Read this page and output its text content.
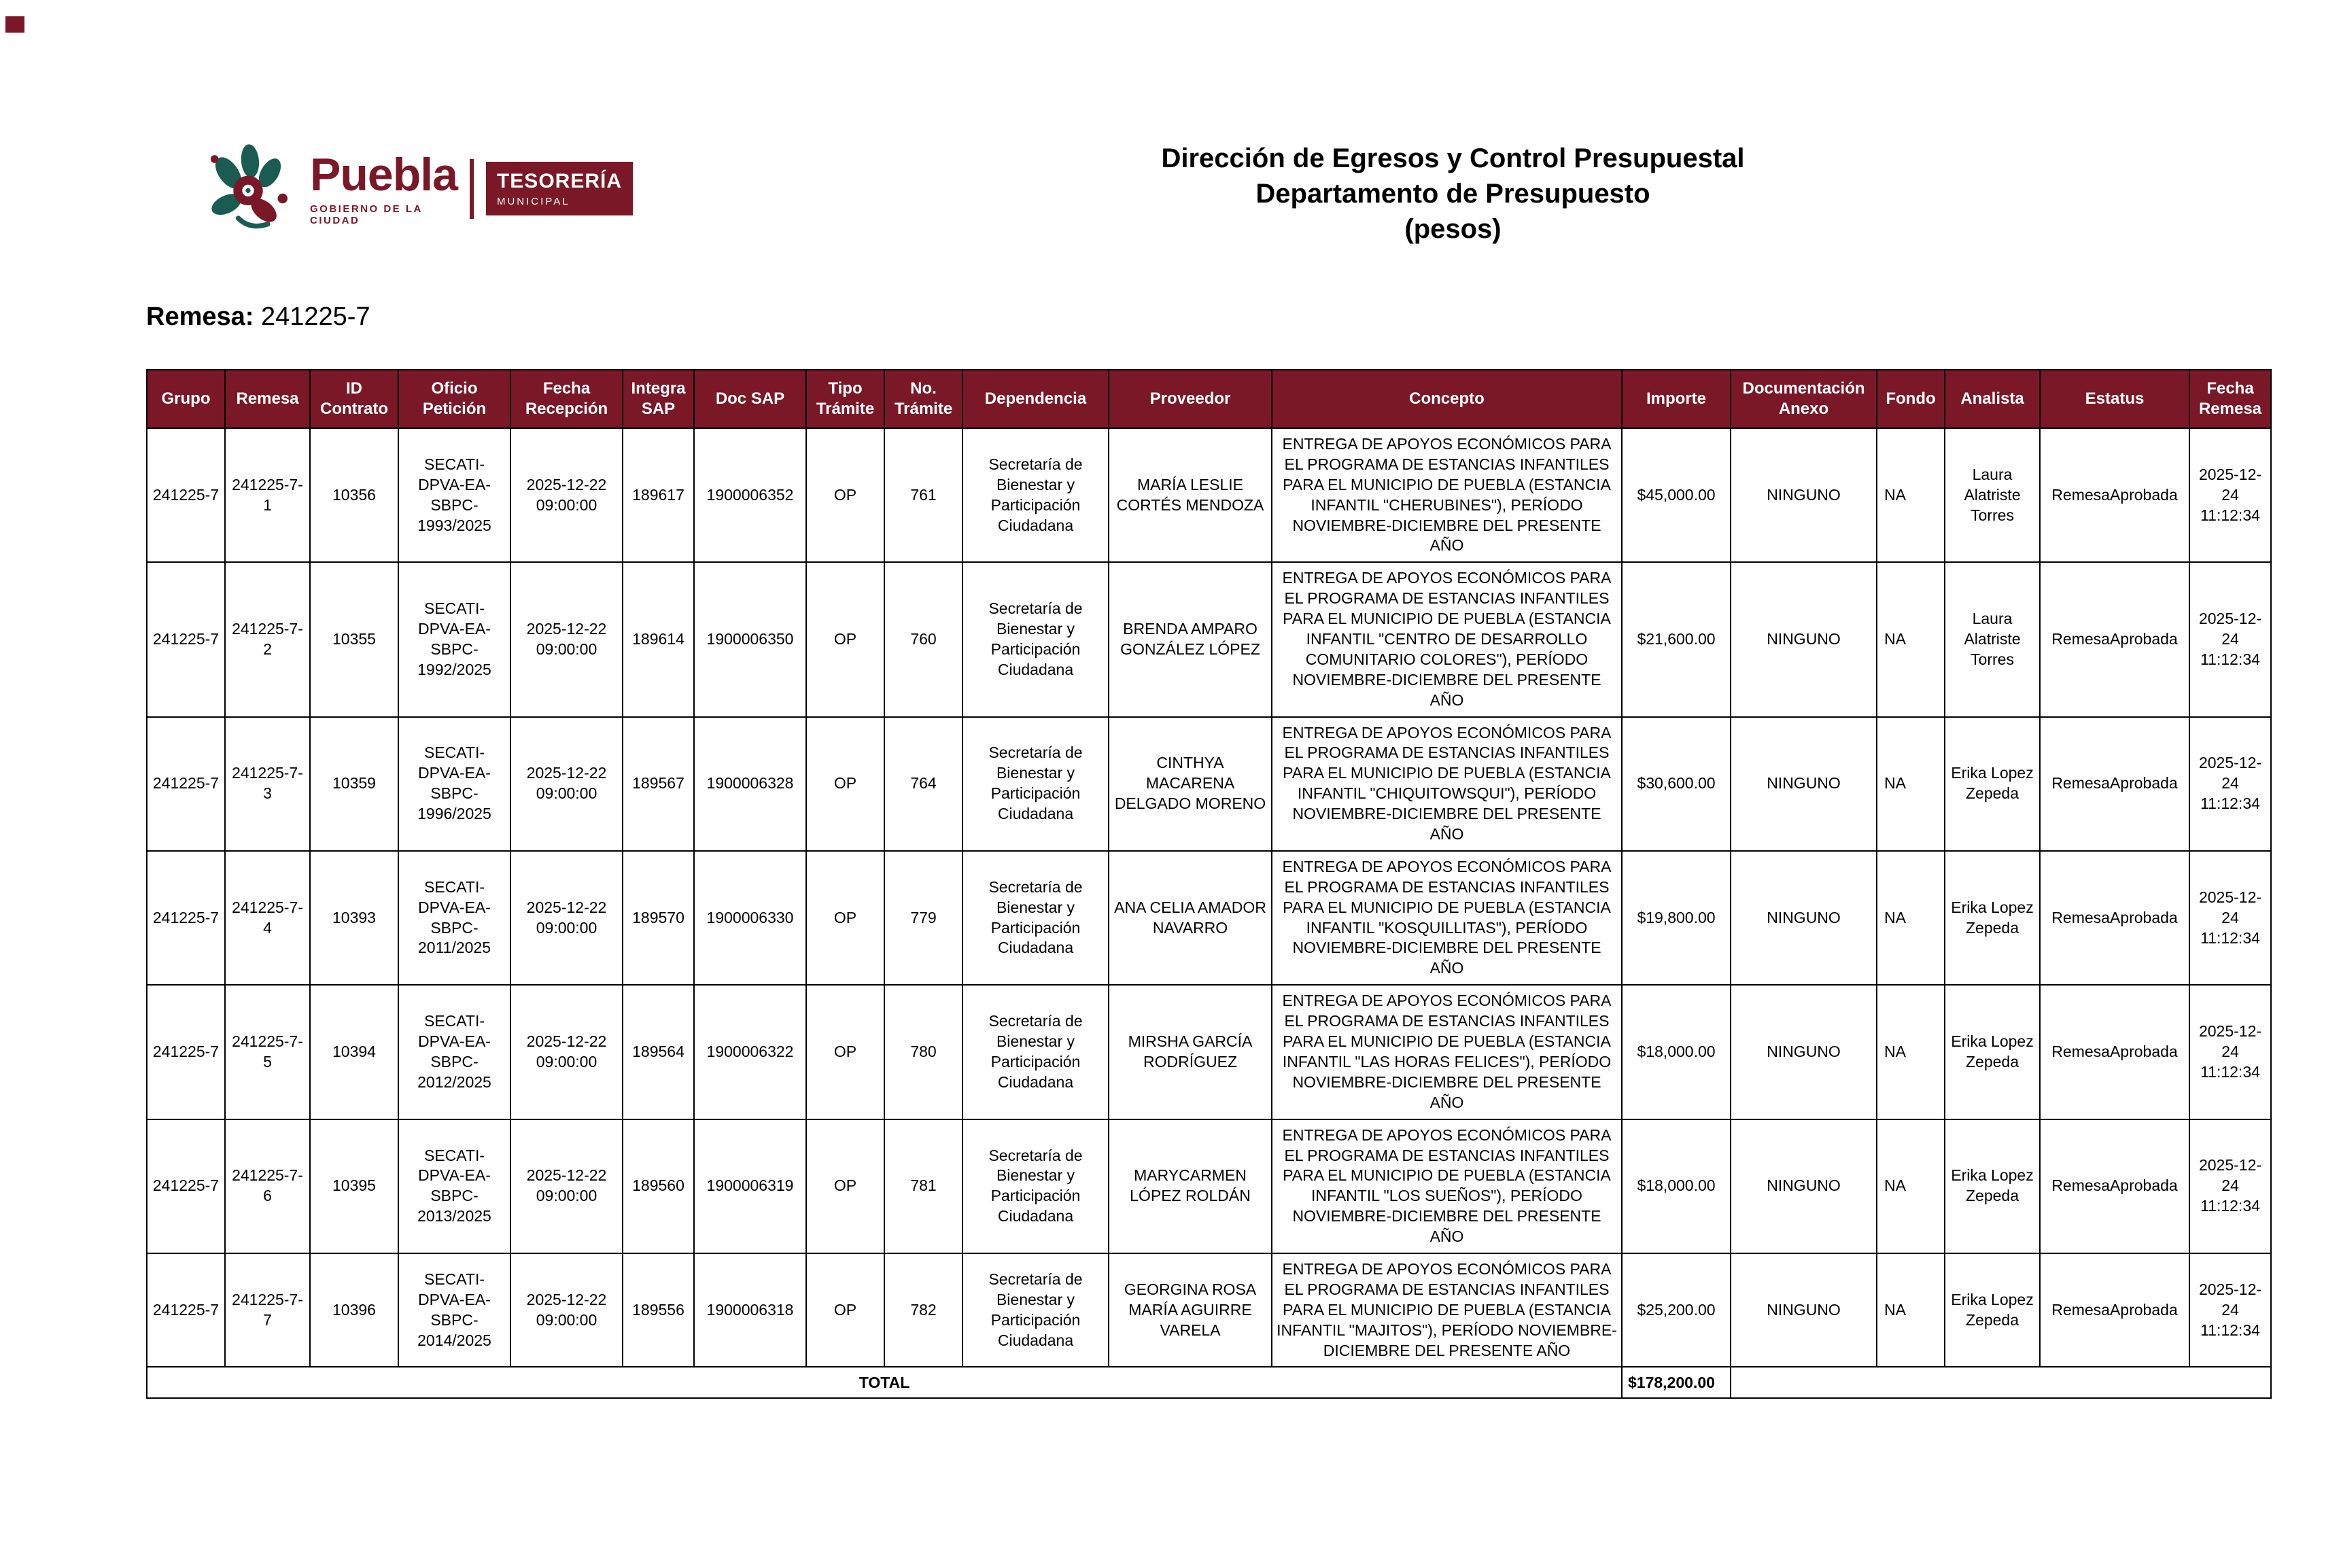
Puebla
GOBIERNO DE LA CIUDAD
TESORERÍA
MUNICIPAL
Dirección de Egresos y Control Presupuestal
Departamento de Presupuesto
(pesos)
Remesa: 241225-7
Grupo	Remesa	ID Contrato	Oficio Petición	Fecha Recepción	Integra SAP	Doc SAP	Tipo Trámite	No. Trámite	Dependencia	Proveedor	Concepto	Importe	Documentación Anexo	Fondo	Analista	Estatus	Fecha Remesa
241225-7	241225-7-1	10356	SECATI-DPVA-EA-SBPC-1993/2025	2025-12-22 09:00:00	189617	1900006352	OP	761	Secretaría de Bienestar y Participación Ciudadana	MARÍA LESLIE CORTÉS MENDOZA	ENTREGA DE APOYOS ECONÓMICOS PARA EL PROGRAMA DE ESTANCIAS INFANTILES PARA EL MUNICIPIO DE PUEBLA (ESTANCIA INFANTIL "CHERUBINES"), PERÍODO NOVIEMBRE-DICIEMBRE DEL PRESENTE AÑO	$45,000.00	NINGUNO	NA	Laura Alatriste Torres	RemesaAprobada	2025-12-24 11:12:34
241225-7	241225-7-2	10355	SECATI-DPVA-EA-SBPC-1992/2025	2025-12-22 09:00:00	189614	1900006350	OP	760	Secretaría de Bienestar y Participación Ciudadana	BRENDA AMPARO GONZÁLEZ LÓPEZ	ENTREGA DE APOYOS ECONÓMICOS PARA EL PROGRAMA DE ESTANCIAS INFANTILES PARA EL MUNICIPIO DE PUEBLA (ESTANCIA INFANTIL "CENTRO DE DESARROLLO COMUNITARIO COLORES"), PERÍODO NOVIEMBRE-DICIEMBRE DEL PRESENTE AÑO	$21,600.00	NINGUNO	NA	Laura Alatriste Torres	RemesaAprobada	2025-12-24 11:12:34
241225-7	241225-7-3	10359	SECATI-DPVA-EA-SBPC-1996/2025	2025-12-22 09:00:00	189567	1900006328	OP	764	Secretaría de Bienestar y Participación Ciudadana	CINTHYA MACARENA DELGADO MORENO	ENTREGA DE APOYOS ECONÓMICOS PARA EL PROGRAMA DE ESTANCIAS INFANTILES PARA EL MUNICIPIO DE PUEBLA (ESTANCIA INFANTIL "CHIQUITOWSQUI"), PERÍODO NOVIEMBRE-DICIEMBRE DEL PRESENTE AÑO	$30,600.00	NINGUNO	NA	Erika Lopez Zepeda	RemesaAprobada	2025-12-24 11:12:34
241225-7	241225-7-4	10393	SECATI-DPVA-EA-SBPC-2011/2025	2025-12-22 09:00:00	189570	1900006330	OP	779	Secretaría de Bienestar y Participación Ciudadana	ANA CELIA AMADOR NAVARRO	ENTREGA DE APOYOS ECONÓMICOS PARA EL PROGRAMA DE ESTANCIAS INFANTILES PARA EL MUNICIPIO DE PUEBLA (ESTANCIA INFANTIL "KOSQUILLITAS"), PERÍODO NOVIEMBRE-DICIEMBRE DEL PRESENTE AÑO	$19,800.00	NINGUNO	NA	Erika Lopez Zepeda	RemesaAprobada	2025-12-24 11:12:34
241225-7	241225-7-5	10394	SECATI-DPVA-EA-SBPC-2012/2025	2025-12-22 09:00:00	189564	1900006322	OP	780	Secretaría de Bienestar y Participación Ciudadana	MIRSHA GARCÍA RODRÍGUEZ	ENTREGA DE APOYOS ECONÓMICOS PARA EL PROGRAMA DE ESTANCIAS INFANTILES PARA EL MUNICIPIO DE PUEBLA (ESTANCIA INFANTIL "LAS HORAS FELICES"), PERÍODO NOVIEMBRE-DICIEMBRE DEL PRESENTE AÑO	$18,000.00	NINGUNO	NA	Erika Lopez Zepeda	RemesaAprobada	2025-12-24 11:12:34
241225-7	241225-7-6	10395	SECATI-DPVA-EA-SBPC-2013/2025	2025-12-22 09:00:00	189560	1900006319	OP	781	Secretaría de Bienestar y Participación Ciudadana	MARYCARMEN LÓPEZ ROLDÁN	ENTREGA DE APOYOS ECONÓMICOS PARA EL PROGRAMA DE ESTANCIAS INFANTILES PARA EL MUNICIPIO DE PUEBLA (ESTANCIA INFANTIL "LOS SUEÑOS"), PERÍODO NOVIEMBRE-DICIEMBRE DEL PRESENTE AÑO	$18,000.00	NINGUNO	NA	Erika Lopez Zepeda	RemesaAprobada	2025-12-24 11:12:34
241225-7	241225-7-7	10396	SECATI-DPVA-EA-SBPC-2014/2025	2025-12-22 09:00:00	189556	1900006318	OP	782	Secretaría de Bienestar y Participación Ciudadana	GEORGINA ROSA MARÍA AGUIRRE VARELA	ENTREGA DE APOYOS ECONÓMICOS PARA EL PROGRAMA DE ESTANCIAS INFANTILES PARA EL MUNICIPIO DE PUEBLA (ESTANCIA INFANTIL "MAJITOS"), PERÍODO NOVIEMBRE-DICIEMBRE DEL PRESENTE AÑO	$25,200.00	NINGUNO	NA	Erika Lopez Zepeda	RemesaAprobada	2025-12-24 11:12:34
TOTAL												$178,200.00					
